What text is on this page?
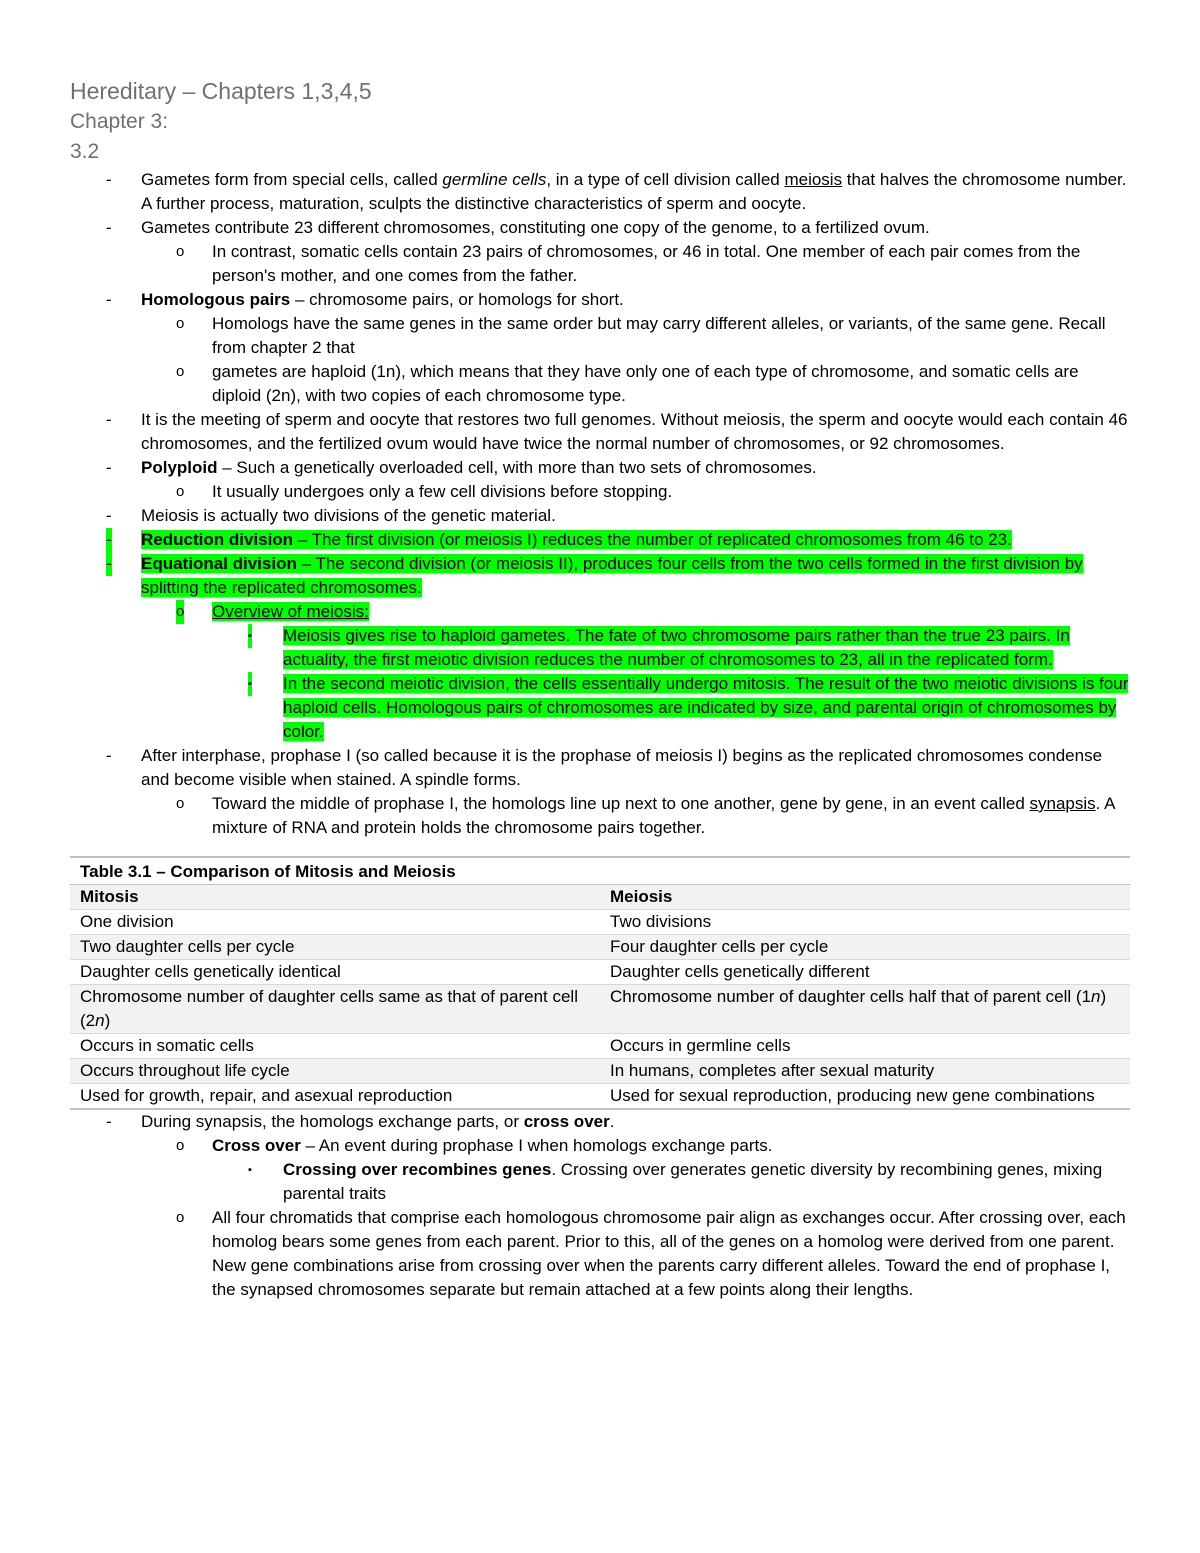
Hereditary – Chapters 1,3,4,5
Chapter 3:
3.2
- Gametes form from special cells, called germline cells, in a type of cell division called meiosis that halves the chromosome number. A further process, maturation, sculpts the distinctive characteristics of sperm and oocyte.
- Gametes contribute 23 different chromosomes, constituting one copy of the genome, to a fertilized ovum.
o In contrast, somatic cells contain 23 pairs of chromosomes, or 46 in total. One member of each pair comes from the person's mother, and one comes from the father.
- Homologous pairs – chromosome pairs, or homologs for short.
o Homologs have the same genes in the same order but may carry different alleles, or variants, of the same gene. Recall from chapter 2 that
o gametes are haploid (1n), which means that they have only one of each type of chromosome, and somatic cells are diploid (2n), with two copies of each chromosome type.
- It is the meeting of sperm and oocyte that restores two full genomes. Without meiosis, the sperm and oocyte would each contain 46 chromosomes, and the fertilized ovum would have twice the normal number of chromosomes, or 92 chromosomes.
- Polyploid – Such a genetically overloaded cell, with more than two sets of chromosomes.
o It usually undergoes only a few cell divisions before stopping.
- Meiosis is actually two divisions of the genetic material.
- Reduction division – The first division (or meiosis I) reduces the number of replicated chromosomes from 46 to 23.
- Equational division – The second division (or meiosis II), produces four cells from the two cells formed in the first division by splitting the replicated chromosomes.
o Overview of meiosis:
▪ Meiosis gives rise to haploid gametes. The fate of two chromosome pairs rather than the true 23 pairs. In actuality, the first meiotic division reduces the number of chromosomes to 23, all in the replicated form.
▪ In the second meiotic division, the cells essentially undergo mitosis. The result of the two meiotic divisions is four haploid cells. Homologous pairs of chromosomes are indicated by size, and parental origin of chromosomes by color.
- After interphase, prophase I (so called because it is the prophase of meiosis I) begins as the replicated chromosomes condense and become visible when stained. A spindle forms.
o Toward the middle of prophase I, the homologs line up next to one another, gene by gene, in an event called synapsis. A mixture of RNA and protein holds the chromosome pairs together.
Table 3.1 – Comparison of Mitosis and Meiosis	
Mitosis	Meiosis
One division	Two divisions
Two daughter cells per cycle	Four daughter cells per cycle
Daughter cells genetically identical	Daughter cells genetically different
Chromosome number of daughter cells same as that of parent cell (2n)	Chromosome number of daughter cells half that of parent cell (1n)
Occurs in somatic cells	Occurs in germline cells
Occurs throughout life cycle	In humans, completes after sexual maturity
Used for growth, repair, and asexual reproduction	Used for sexual reproduction, producing new gene combinations
- During synapsis, the homologs exchange parts, or cross over.
o Cross over – An event during prophase I when homologs exchange parts.
▪ Crossing over recombines genes. Crossing over generates genetic diversity by recombining genes, mixing parental traits
o All four chromatids that comprise each homologous chromosome pair align as exchanges occur. After crossing over, each homolog bears some genes from each parent. Prior to this, all of the genes on a homolog were derived from one parent. New gene combinations arise from crossing over when the parents carry different alleles. Toward the end of prophase I, the synapsed chromosomes separate but remain attached at a few points along their lengths.
